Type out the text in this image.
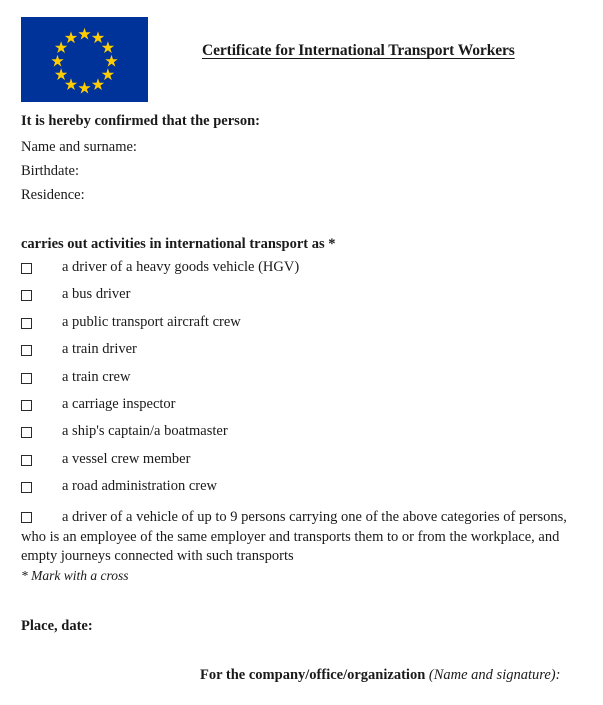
Certificate for International Transport Workers
It is hereby confirmed that the person:
Name and surname:
Birthdate:
Residence:
carries out activities in international transport as *
a driver of a heavy goods vehicle (HGV)
a bus driver
a public transport aircraft crew
a train driver
a train crew
a carriage inspector
a ship's captain/a boatmaster
a vessel crew member
a road administration crew
a driver of a vehicle of up to 9 persons carrying one of the above categories of persons, who is an employee of the same employer and transports them to or from the workplace, and empty journeys connected with such transports
* Mark with a cross
Place, date:
For the company/office/organization (Name and signature):
